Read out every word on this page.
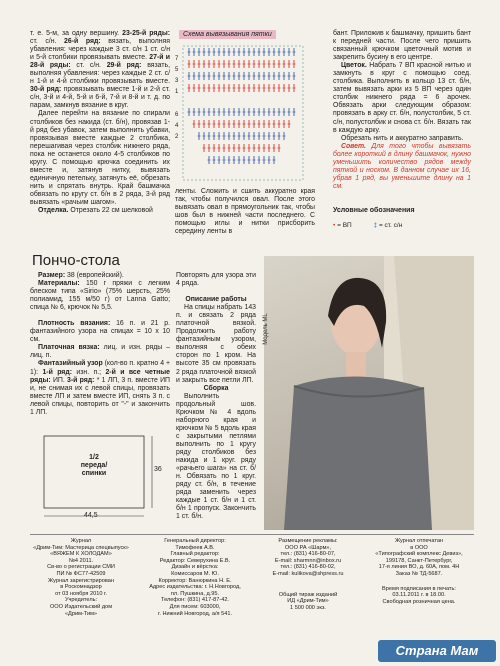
т. е. 5-м, за одну вершину. 23-25-й ряды: ст. с/н. 26-й ряд: вязать, выполняя убавления: через каждые 3 ст. с/н 1 ст. с/н и 5-й столбики провязывать вместе. 27-й и 28-й ряды: ст. с/н. 29-й ряд: вязать, выполняя убавления: через каждые 2 ст. с/н 1-й и 4-й столбики провязывать вместе. 30-й ряд: провязывать вместе 1-й и 2-й ст. с/н, 3-й и 4-й, 5-й и 6-й, 7-й и 8-й и т. д. по парам, замкнув вязание в круг.
Далее перейти на вязание по спирали столбиков без накида (ст. б/н), провязав 1-й ряд без убавок, затем выполнить убавки, провязывая вместе каждые 2 столбика, перешагивая через столбик нижнего ряда, пока не останется около 4-5 столбиков по кругу. С помощью крючка соединить их вместе и, затянув нитку, вывязать единичную петельку, затянуть её, обрезать нить и спрятать внутрь. Край башмачка обвязать по кругу ст. б/н в 2 ряда, 3-й ряд вывязать «рачьим шагом».
Отделка. Отрезать 22 см шелковой
Схема вывязывания пятки
7
5
3
1
6
4
2
ленты. Сложить и сшить аккуратно края так, чтобы получился овал. После этого вывязать овал в прямоугольник так, чтобы шов был в нижней части последнего. С помощью иглы и нитки присборить середину ленты в
бант. Приложив к башмачку, пришить бант к передней части. После чего пришить связанный крючком цветочный мотив и закрепить бусину в его центре.
Цветок. Набрать 7 ВП красной нитью и замкнуть в круг с помощью соед. столбика. Выполнить в кольцо 13 ст. б/н, затем вывязать арки из 5 ВП через один столбик нижнего ряда = 6 арочек. Обвязать арки следующим образом: провязать в арку ст. б/н, полустолбик, 5 ст. с/н, полустолбик и снова ст. б/н. Вязать так в каждую арку.
Обрезать нить и аккуратно заправить.
Совет. Для того чтобы вывязать более короткий в длину башмачок, нужно уменьшить количество рядов между пяткой и носком. В данном случае их 16, убрав 1 ряд, вы уменьшите длину на 1 см.
Условные обозначения
• = ВП	‡ = ст. с/н
Пончо-стола
Размер: 38 (европейский).
Материалы: 150 г пряжи с легким блеском типа «Sirio» (75% шерсть, 25% полиамид, 155 м/50 г) от Lanna Gatto; спица № 6, крючок № 5,5.
Плотность вязания: 16 п. и 21 р. фантазийного узора на спицах = 10 x 10 см.
Платочная вязка: лиц. и изн. ряды – лиц. п.
Фантазийный узор (кол-во п. кратно 4 + 1): 1-й ряд: изн. п.; 2-й и все четные ряды: ИП. 3-й ряд: * 1 ЛП, 3 п. вместе ИП и, не снимая их с левой спицы, провязать вместе ЛП и затем вместе ИП, снять 3 п. с левой спицы, повторить от "-" и закончить 1 ЛП.
1/2
переда/
спинки
36
44,5
Повторять для узора эти 4 ряда.
Описание работы
На спицы набрать 143 п. и связать 2 ряда платочной вязкой. Продолжить работу фантазийным узором, выполняя с обеих сторон по 1 кром. На высоте 35 см провязать 2 ряда платочной вязкой и закрыть все петли ЛП.
Сборка
Выполнить продольный шов. Крючком № 4 вдоль наборного края и крючком № 5 вдоль края с закрытыми петлями выполнить по 1 кругу ряду столбиков без накида и 1 круг. ряду «рачьего шага» на ст. б/н. Обвязать по 1 круг. ряду ст. б/н, в течение ряда заменить через каждые 1 ст. б/н и 1 ст. б/н 1 пропуск. Закончить 1 ст. б/н.
Модель ML
Журнал
«Дрим-Тим: Мастерица спецвыпуск»
«ВЯЖЕМ К ХОЛОДАМ»
№4 2011.
Св-во о регистрации СМИ
ПИ № ФС77-42509
Журнал зарегистрирован
в Роскомнадзор
от 03 ноября 2010 г.
Учредитель:
ООО Издательский дом
«Дрим-Тим»
Генеральный директор:
Тимофеев А.В.
Главный редактор:
Редактор: Северухина Е.В.
Дизайн и вёрстка:
Комиссаров М. Ю.
Корректор: Ванюркина Н. Е.
Адрес издательства: г. Н.Новгород,
пл. Пушкина, д.95.
Телефон: (831) 417-87-42.
Для писем: 603000,
г. Нижний Новгород, а/я 541.
Размещение рекламы:
ООО РА «Шарм»,
тел.: (831) 416-80-07,
E-mail: sharmnn@inbox.ru
тел.: (831) 416-80-02,
E-mail: kulikova@shpress.ru
Общий тираж изданий
ИД «Дрим-Тим»
1 500 000 экз.
Журнал отпечатан
в ООО
«Типографский комплекс Девиз»,
199178, Санкт-Петербург,
17-я линия ВО, д. 60А, пом. 4Н
Заказ № ТД-5687.
Время подписания в печать:
03.11.2011 г. в 18.00.
Свободная розничная цена.
Страна Мам
